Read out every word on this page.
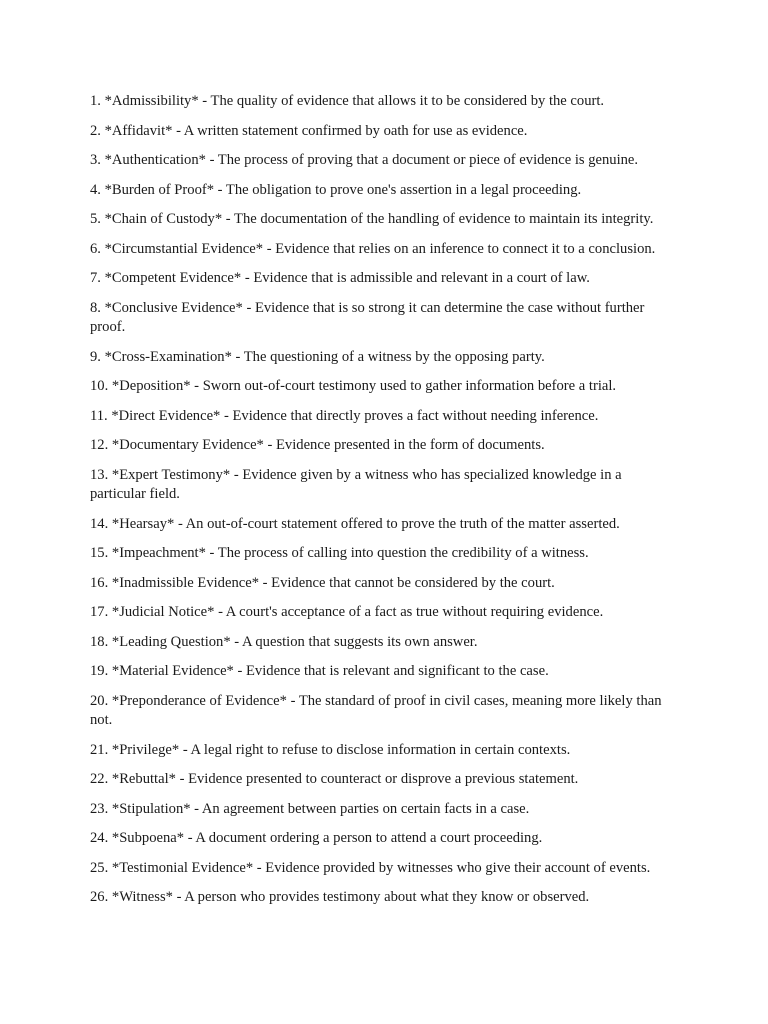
1. *Admissibility* - The quality of evidence that allows it to be considered by the court.
2. *Affidavit* - A written statement confirmed by oath for use as evidence.
3. *Authentication* - The process of proving that a document or piece of evidence is genuine.
4. *Burden of Proof* - The obligation to prove one's assertion in a legal proceeding.
5. *Chain of Custody* - The documentation of the handling of evidence to maintain its integrity.
6. *Circumstantial Evidence* - Evidence that relies on an inference to connect it to a conclusion.
7. *Competent Evidence* - Evidence that is admissible and relevant in a court of law.
8. *Conclusive Evidence* - Evidence that is so strong it can determine the case without further proof.
9. *Cross-Examination* - The questioning of a witness by the opposing party.
10. *Deposition* - Sworn out-of-court testimony used to gather information before a trial.
11. *Direct Evidence* - Evidence that directly proves a fact without needing inference.
12. *Documentary Evidence* - Evidence presented in the form of documents.
13. *Expert Testimony* - Evidence given by a witness who has specialized knowledge in a particular field.
14. *Hearsay* - An out-of-court statement offered to prove the truth of the matter asserted.
15. *Impeachment* - The process of calling into question the credibility of a witness.
16. *Inadmissible Evidence* - Evidence that cannot be considered by the court.
17. *Judicial Notice* - A court's acceptance of a fact as true without requiring evidence.
18. *Leading Question* - A question that suggests its own answer.
19. *Material Evidence* - Evidence that is relevant and significant to the case.
20. *Preponderance of Evidence* - The standard of proof in civil cases, meaning more likely than not.
21. *Privilege* - A legal right to refuse to disclose information in certain contexts.
22. *Rebuttal* - Evidence presented to counteract or disprove a previous statement.
23. *Stipulation* - An agreement between parties on certain facts in a case.
24. *Subpoena* - A document ordering a person to attend a court proceeding.
25. *Testimonial Evidence* - Evidence provided by witnesses who give their account of events.
26. *Witness* - A person who provides testimony about what they know or observed.
